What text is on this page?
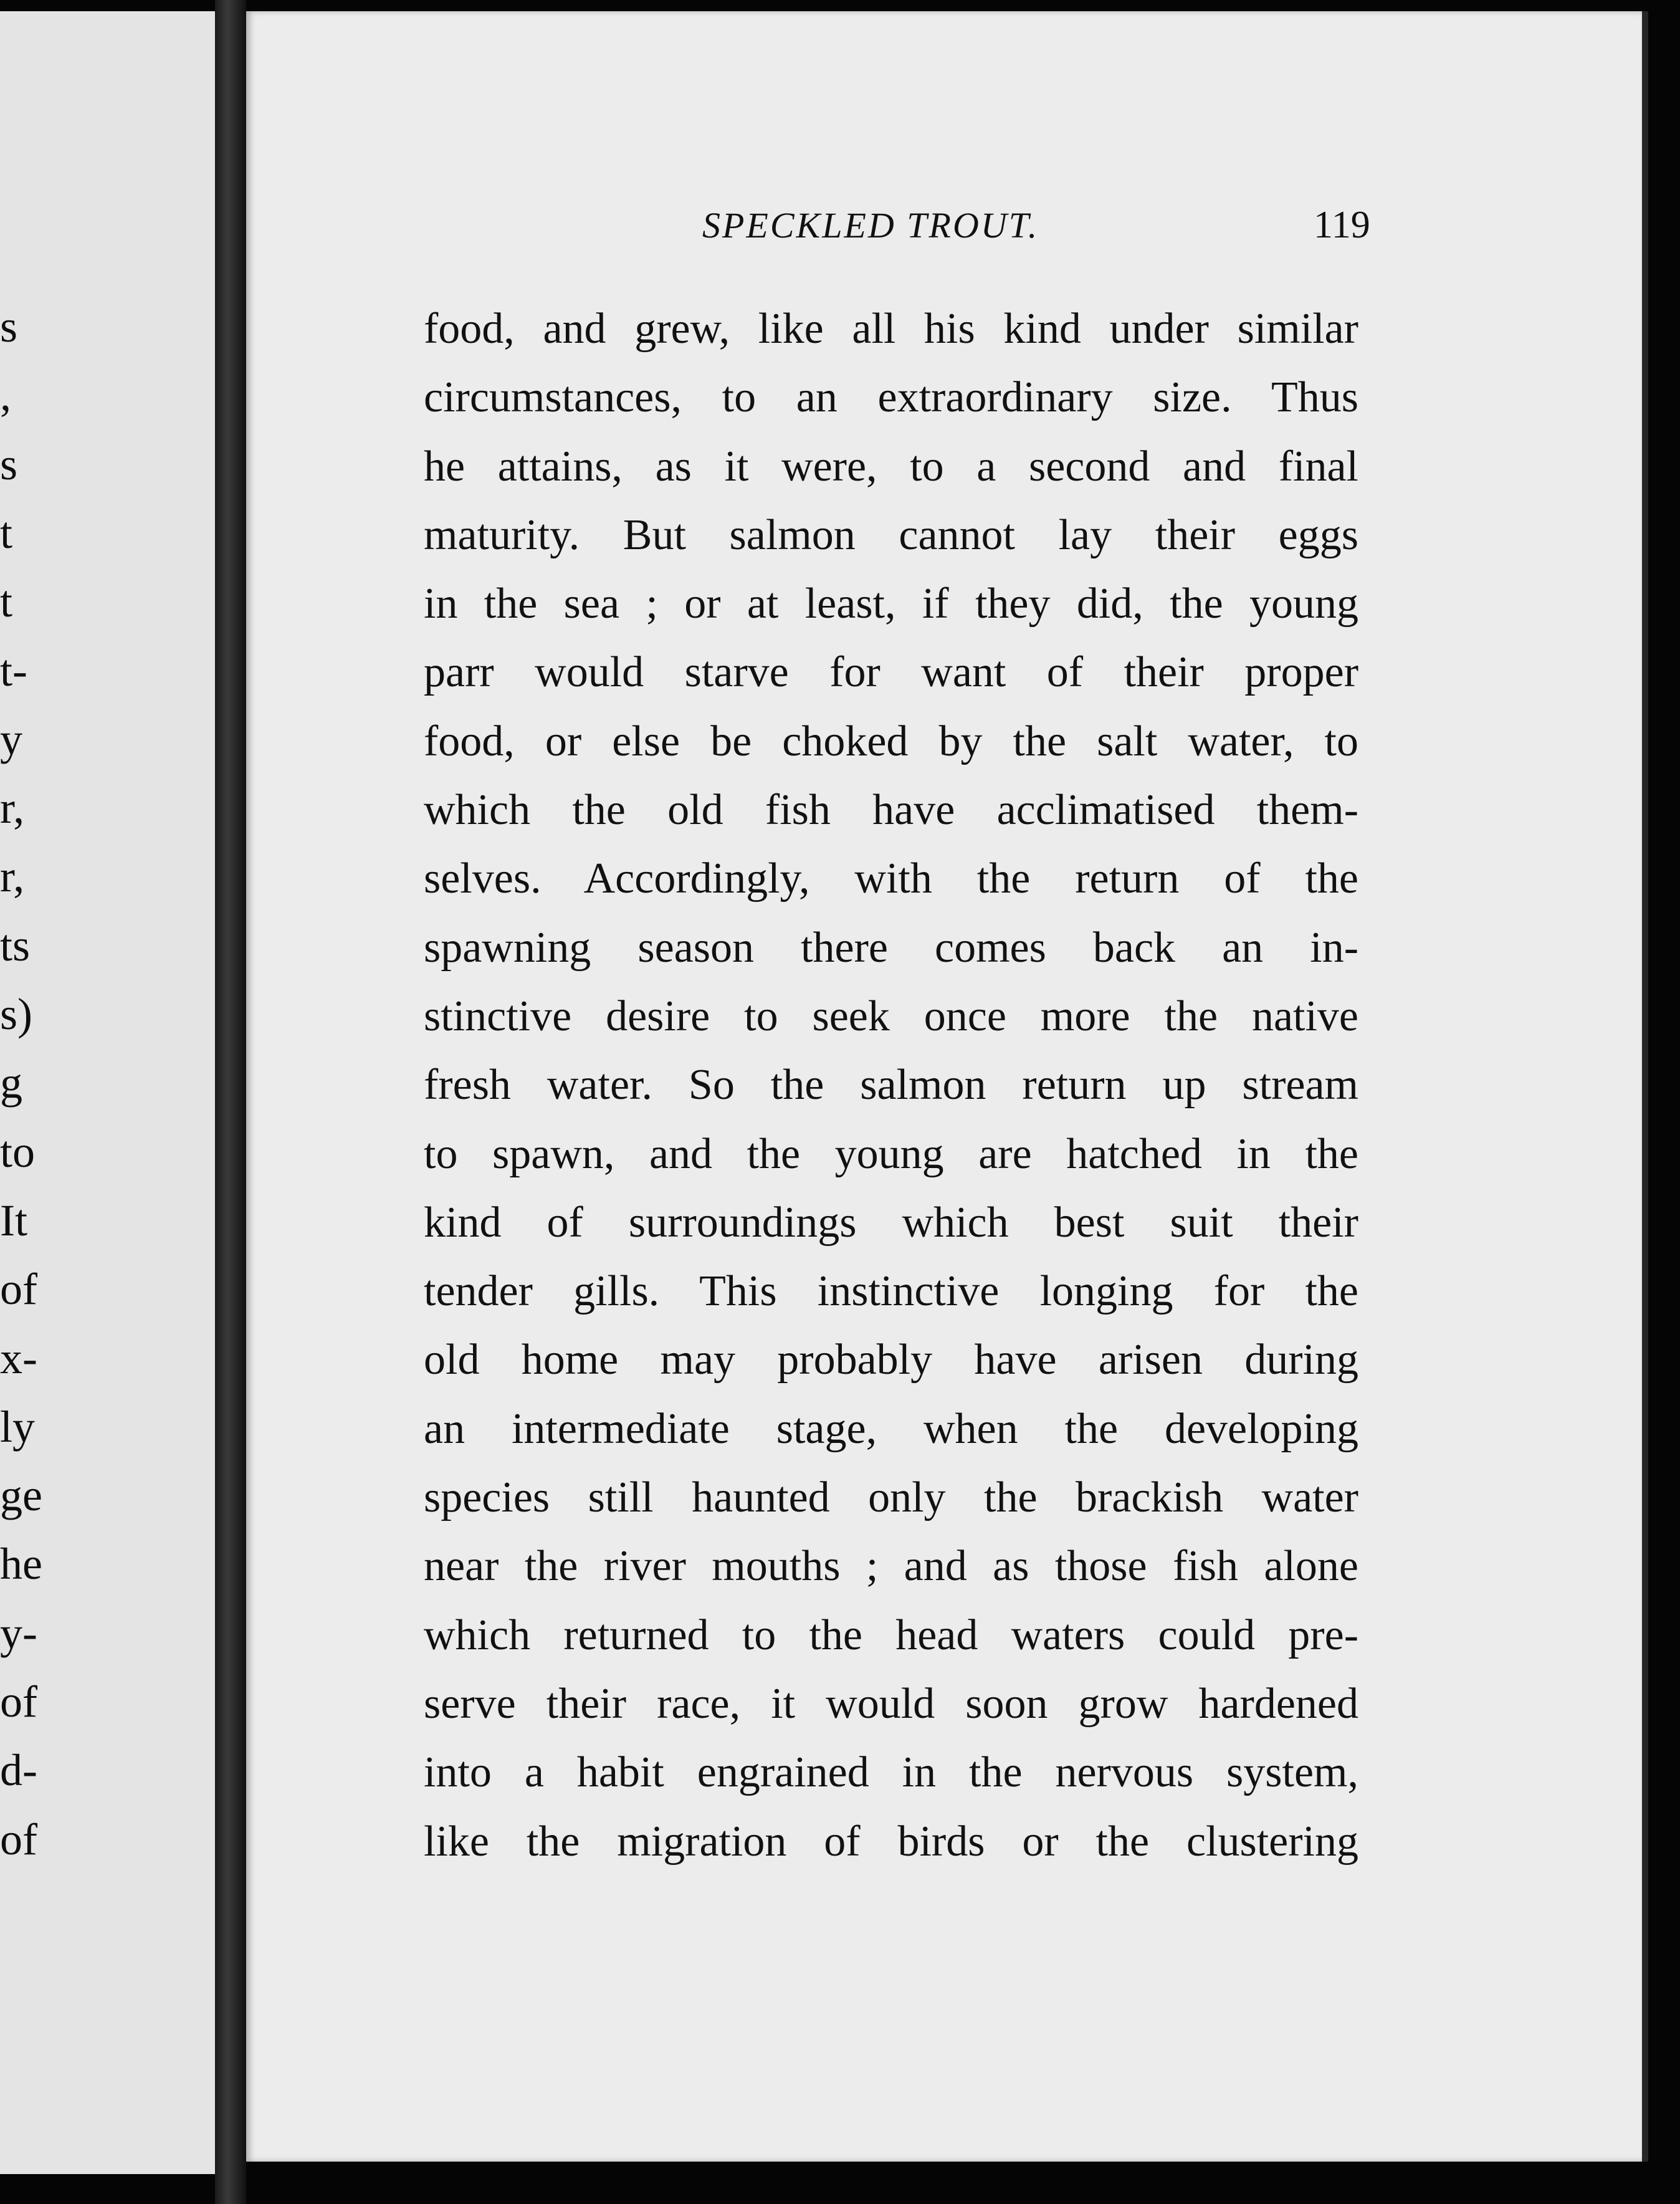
s
,
s
t
t
t-
y
r,
r,
ts
s)
g
to
It
of
x-
ly
ge
he
y-
of
d-
of
SPECKLED TROUT.	119
food, and grew, like all his kind under similar
circumstances, to an extraordinary size. Thus
he attains, as it were, to a second and final
maturity. But salmon cannot lay their eggs
in the sea ; or at least, if they did, the young
parr would starve for want of their proper
food, or else be choked by the salt water, to
which the old fish have acclimatised them-
selves. Accordingly, with the return of the
spawning season there comes back an in-
stinctive desire to seek once more the native
fresh water. So the salmon return up stream
to spawn, and the young are hatched in the
kind of surroundings which best suit their
tender gills. This instinctive longing for the
old home may probably have arisen during
an intermediate stage, when the developing
species still haunted only the brackish water
near the river mouths ; and as those fish alone
which returned to the head waters could pre-
serve their race, it would soon grow hardened
into a habit engrained in the nervous system,
like the migration of birds or the clustering
